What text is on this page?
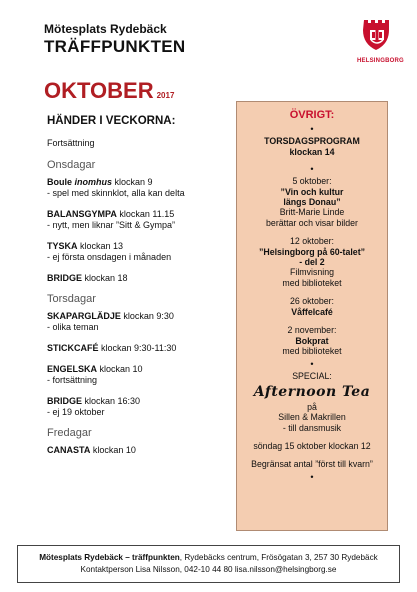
Mötesplats Rydebäck
TRÄFFPUNKTEN
HELSINGBORG
OKTOBER 2017
HÄNDER I VECKORNA:
Fortsättning
Onsdagar
Boule inomhus klockan 9
- spel med skinnklot, alla kan delta
BALANSGYMPA klockan 11.15
- nytt, men liknar ”Sitt & Gympa”
TYSKA klockan 13
- ej första onsdagen i månaden
BRIDGE klockan 18
Torsdagar
SKAPARGLÄDJE klockan 9:30
- olika teman
STICKCAFÉ klockan 9:30-11:30
ENGELSKA klockan 10
- fortsättning
BRIDGE klockan 16:30
- ej 19 oktober
Fredagar
CANASTA klockan 10
ÖVRIGT:
•
TORSDAGSPROGRAM
klockan 14
•
5 oktober:
”Vin och kultur
längs Donau”
Britt-Marie Linde
berättar och visar bilder
12 oktober:
”Helsingborg på 60-talet”
- del 2
Filmvisning
med biblioteket
26 oktober:
Våffelcafé
2 november:
Bokprat
med biblioteket
•
SPECIAL:
Afternoon Tea
på
Sillen & Makrillen
- till dansmusik
söndag 15 oktober klockan 12
Begränsat antal ”först till kvarn”
•
Mötesplats Rydebäck – träffpunkten, Rydebäcks centrum, Frösögatan 3, 257 30 Rydebäck
Kontaktperson Lisa Nilsson, 042-10 44 80 lisa.nilsson@helsingborg.se
